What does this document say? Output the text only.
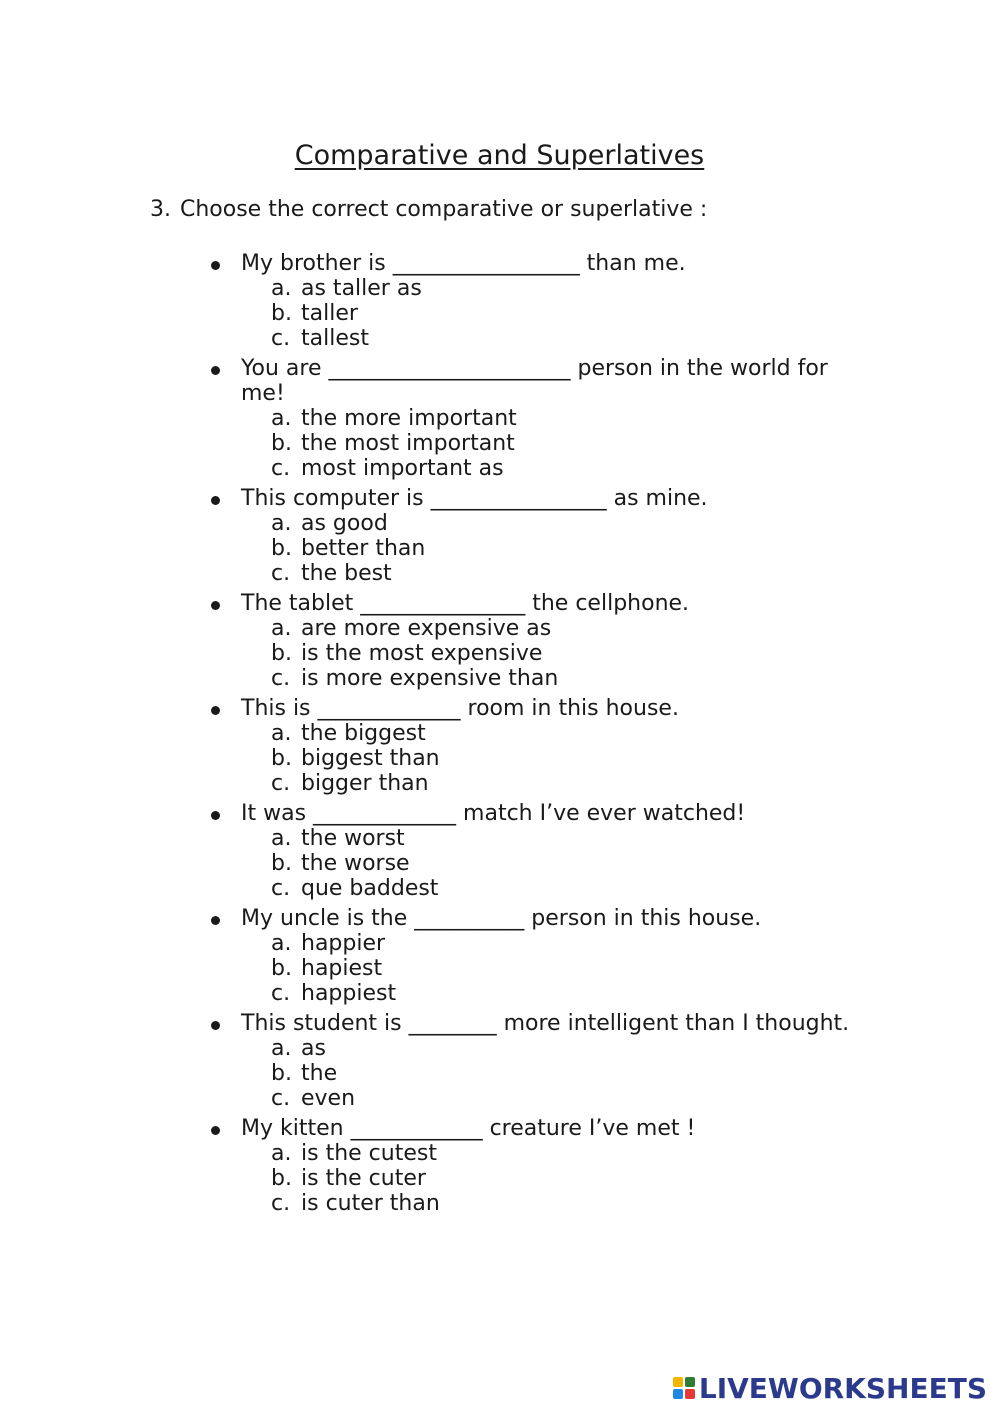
Comparative and Superlatives
3. Choose the correct comparative or superlative :
My brother is _________________ than me.
a. as taller as
b. taller
c. tallest
You are ______________________ person in the world for me!
a. the more important
b. the most important
c. most important as
This computer is ________________ as mine.
a. as good
b. better than
c. the best
The tablet _______________ the cellphone.
a. are more expensive as
b. is the most expensive
c. is more expensive than
This is _____________ room in this house.
a. the biggest
b. biggest than
c. bigger than
It was _____________ match I’ve ever watched!
a. the worst
b. the worse
c. que baddest
My uncle is the __________ person in this house.
a. happier
b. hapiest
c. happiest
This student is ________ more intelligent than I thought.
a. as
b. the
c. even
My kitten ____________ creature I’ve met !
a. is the cutest
b. is the cuter
c. is cuter than
LIVEWORKSHEETS
